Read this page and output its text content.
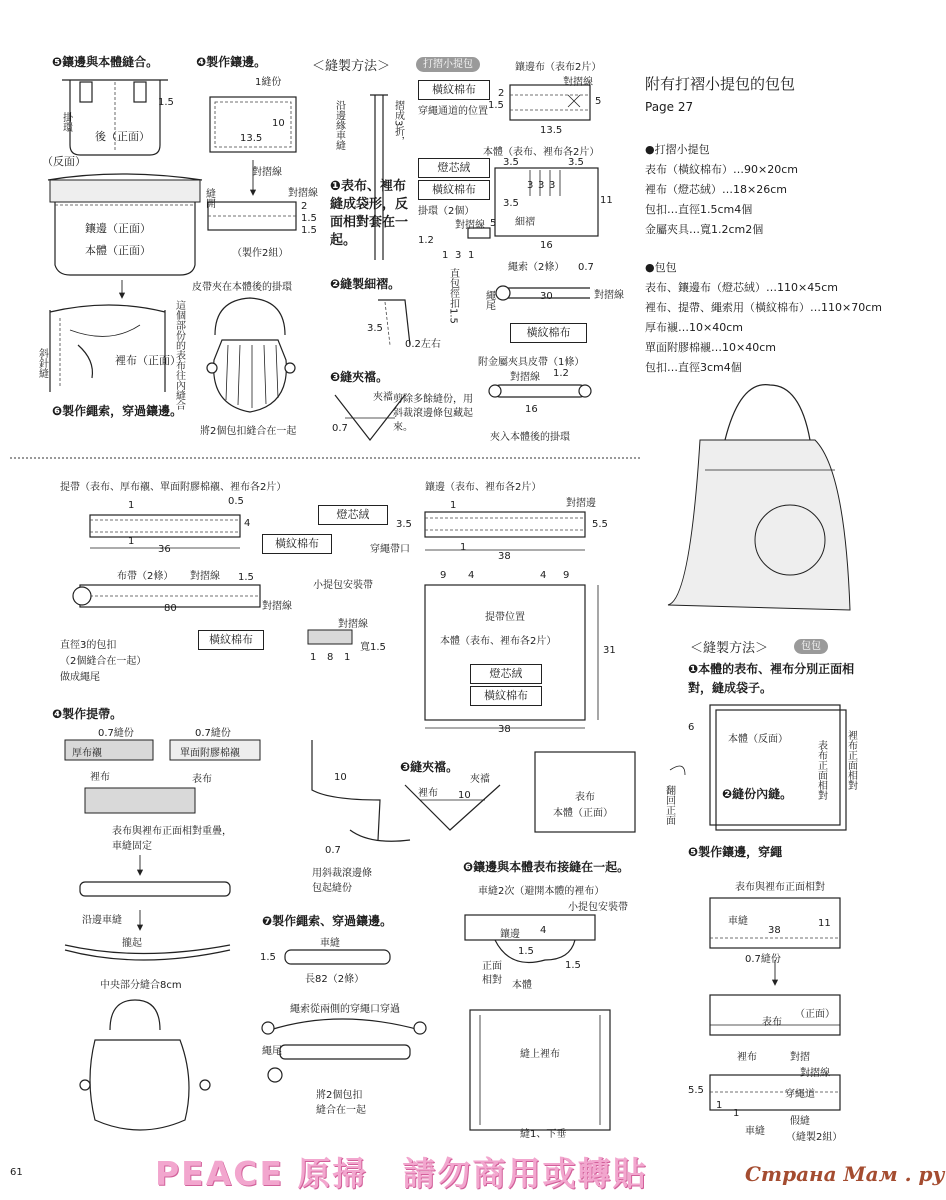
❺鑲邊與本體縫合。
1.5
掛環
後（正面）
（反面）
縫開
鑲邊（正面）
本體（正面）
這個部份的表布往內縫合
斜針縫	裡布（正面）
❻製作繩索，穿過鑲邊。
將2個包扣縫合在一起
❹製作鑲邊。
1縫份
10
13.5
對摺線
2
1.5
1.5
對摺線
（製作2組）
皮帶夾在本體後的掛環
＜縫製方法＞	打摺小提包
沿邊緣車縫	摺成3折，
❶表布、裡布縫成袋形，反面相對套在一起。
❷縫製細褶。
3.5
0.2左右
❸縫夾襠。
夾襠 剪除多餘縫份，用斜裁滾邊條包藏起來。
0.7
鑲邊布（表布2片）
對摺線
橫紋棉布
穿繩通道的位置
2
1.5	5
13.5
本體（表布、裡布各2片）
燈芯絨
橫紋棉布
掛環（2個）
對摺線	細褶
3.5	3.5
3 3 3
11
3.5
16
5
1.2
1 3 1
直包徑扣1.5
繩索（2條） 0.7
30	對摺線
繩尾
橫紋棉布
附金屬夾具皮帶（1條）
對摺線 1.2
16
夾入本體後的掛環
附有打褶小提包的包包
Page 27
●打摺小提包
表布（橫紋棉布）…90×20cm
裡布（燈芯絨）…18×26cm
包扣…直徑1.5cm4個
金屬夾具…寬1.2cm2個
●包包
表布、鑲邊布（燈芯絨）…110×45cm
裡布、提帶、繩索用（橫紋棉布）…110×70cm
厚布襯…10×40cm
單面附膠棉襯…10×40cm
包扣…直徑3cm4個
提帶（表布、厚布襯、單面附膠棉襯、裡布各2片）
0.5
1
4
1
36	橫紋棉布
布帶（2條） 對摺線 1.5
80	對摺線
橫紋棉布
直徑3的包扣
（2個縫合在一起）
做成繩尾
小提包安裝帶
對摺線
寬1.5
1 8 1
鑲邊（表布、裡布各2片）
對摺邊
燈芯絨
1
3.5	5.5
1
38
穿繩帶口
9 4	4 9
31
38
提帶位置
本體（表布、裡布各2片）
燈芯絨
橫紋棉布
❹製作提帶。
0.7縫份	0.7縫份
厚布襯	單面附膠棉襯
裡布	表布
表布與裡布正面相對重疊，
車縫固定
沿邊車縫
攏起
中央部分縫合8cm
10
0.7
用斜裁滾邊條
包起縫份
❸縫夾襠。
夾襠
裡布 10	表布
本體（正面）
❼製作繩索、穿過鑲邊。
車縫
1.5
長82（2條）
繩索從兩側的穿繩口穿過
繩尾
將2個包扣
縫合在一起
❻鑲邊與本體表布接縫在一起。
車縫2次（避開本體的裡布）
小提包安裝帶
鑲邊 4
1.5
1.5
正面相對	本體
縫上裡布
縫1、下垂
＜縫製方法＞	包包
❶本體的表布、裡布分別正面相對，縫成袋子。
6
本體（反面）
❷縫份內縫。 表布正面相對 裡布正面相對
翻回正面
❺製作鑲邊，穿繩
表布與裡布正面相對
車縫
38
11
0.7縫份
表布
（正面）
裡布	對摺
對摺線
5.5	穿繩道
1
1
車縫
假縫
（縫製2組）
61	PEACE 原掃　請勿商用或轉貼	Страна Мам . ру
